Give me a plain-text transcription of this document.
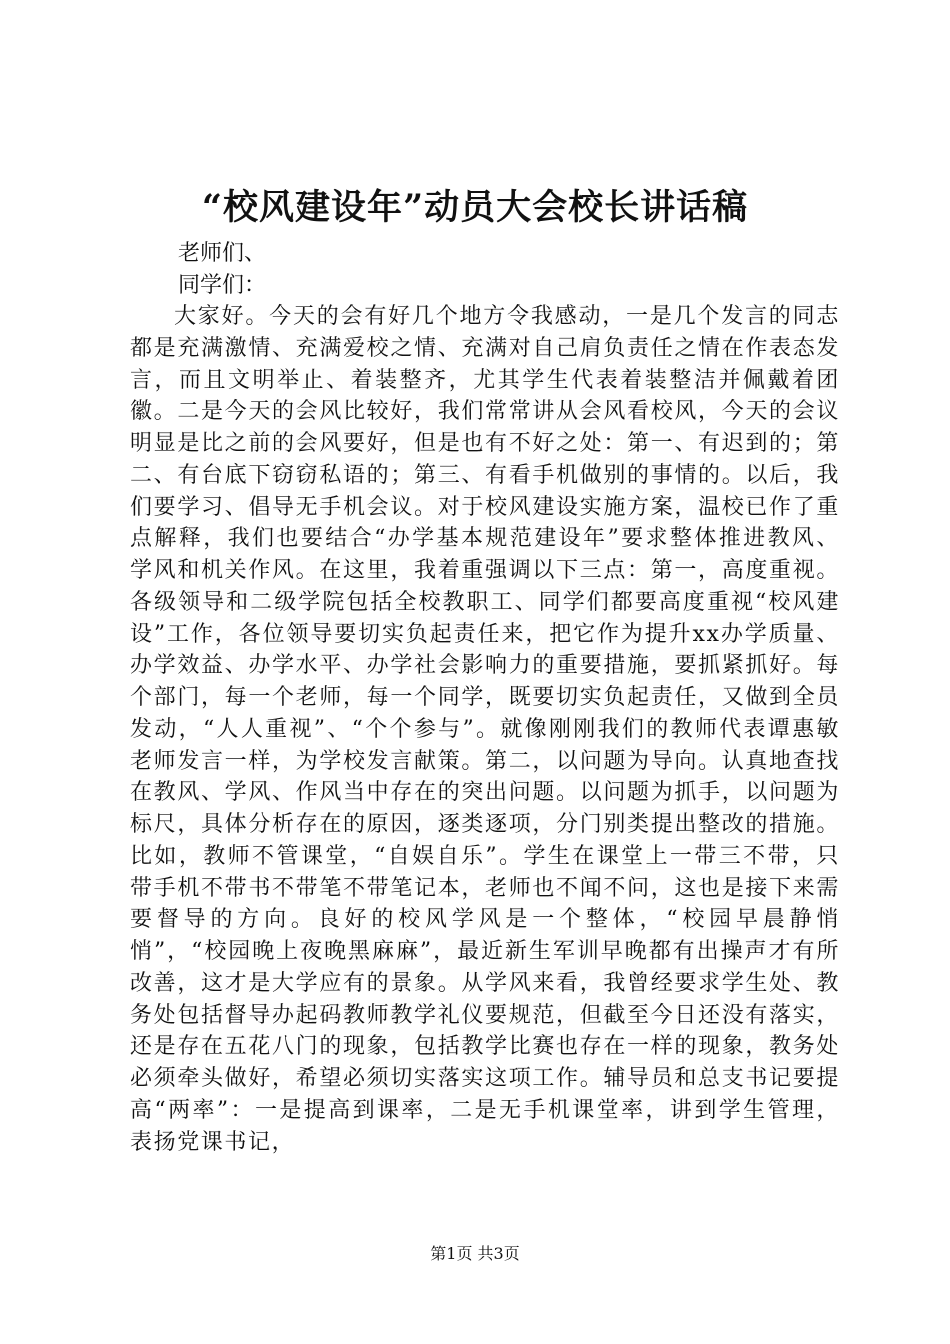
“校风建设年”动员大会校长讲话稿
老师们、
同学们：

大家好。今天的会有好几个地方令我感动，一是几个发言的同志都是充满激情、充满爱校之情、充满对自己肩负责任之情在作表态发言，而且文明举止、着装整齐，尤其学生代表着装整洁并佩戴着团徽。二是今天的会风比较好，我们常常讲从会风看校风，今天的会议明显是比之前的会风要好，但是也有不好之处：第一、有迟到的；第二、有台底下窃窃私语的；第三、有看手机做别的事情的。以后，我们要学习、倡导无手机会议。对于校风建设实施方案，温校已作了重点解释，我们也要结合“办学基本规范建设年”要求整体推进教风、学风和机关作风。在这里，我着重强调以下三点：第一，高度重视。各级领导和二级学院包括全校教职工、同学们都要高度重视“校风建设”工作，各位领导要切实负起责任来，把它作为提升xx办学质量、办学效益、办学水平、办学社会影响力的重要措施，要抓紧抓好。每个部门，每一个老师，每一个同学，既要切实负起责任，又做到全员发动，“人人重视”、“个个参与”。就像刚刚我们的教师代表谭惠敏老师发言一样，为学校发言献策。第二，以问题为导向。认真地查找在教风、学风、作风当中存在的突出问题。以问题为抓手，以问题为标尺，具体分析存在的原因，逐类逐项，分门别类提出整改的措施。比如，教师不管课堂，“自娱自乐”。学生在课堂上一带三不带，只带手机不带书不带笔不带笔记本，老师也不闻不问，这也是接下来需要督导的方向。良好的校风学风是一个整体，“校园早晨静悄悄”，“校园晚上夜晚黑麻麻”，最近新生军训早晚都有出操声才有所改善，这才是大学应有的景象。从学风来看，我曾经要求学生处、教务处包括督导办起码教师教学礼仪要规范，但截至今日还没有落实，还是存在五花八门的现象，包括教学比赛也存在一样的现象，教务处必须牵头做好，希望必须切实落实这项工作。辅导员和总支书记要提高“两率”：一是提高到课率，二是无手机课堂率，讲到学生管理，表扬党课书记，

第1页 共3页
